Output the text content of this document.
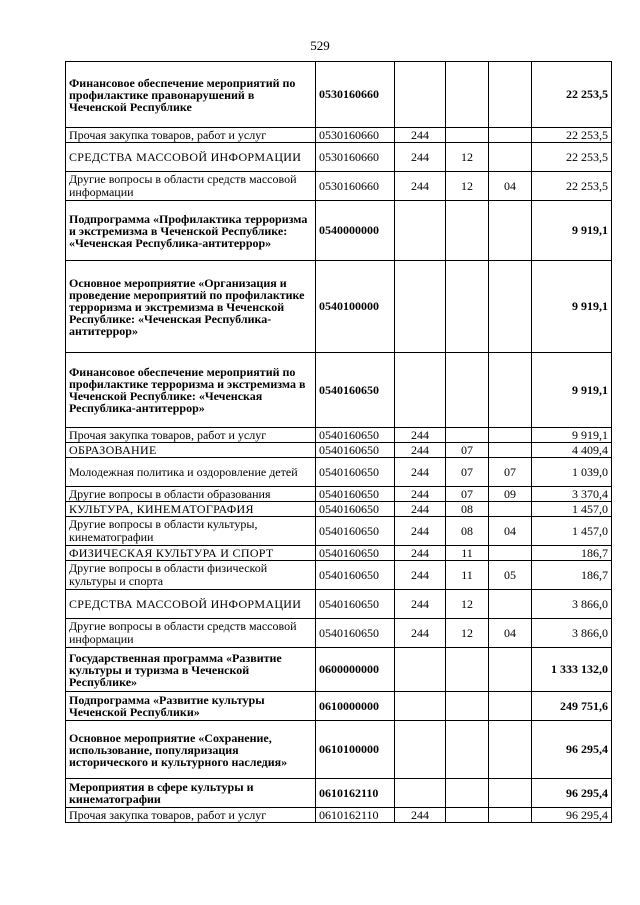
529
Финансовое обеспечение мероприятий по профилактике правонарушений в Чеченской Республике	0530160660				22 253,5
Прочая закупка товаров, работ и услуг	0530160660	244			22 253,5
СРЕДСТВА МАССОВОЙ ИНФОРМАЦИИ	0530160660	244	12		22 253,5
Другие вопросы в области средств массовой информации	0530160660	244	12	04	22 253,5
Подпрограмма «Профилактика терроризма и экстремизма в Чеченской Республике: «Чеченская Республика-антитеррор»	0540000000				9 919,1
Основное мероприятие «Организация и проведение мероприятий по профилактике терроризма и экстремизма в Чеченской Республике: «Чеченская Республика-антитеррор»	0540100000				9 919,1
Финансовое обеспечение мероприятий по профилактике терроризма и экстремизма в Чеченской Республике: «Чеченская Республика-антитеррор»	0540160650				9 919,1
Прочая закупка товаров, работ и услуг	0540160650	244			9 919,1
ОБРАЗОВАНИЕ	0540160650	244	07		4 409,4
Молодежная политика и оздоровление детей	0540160650	244	07	07	1 039,0
Другие вопросы в области образования	0540160650	244	07	09	3 370,4
КУЛЬТУРА, КИНЕМАТОГРАФИЯ	0540160650	244	08		1 457,0
Другие вопросы в области культуры, кинематографии	0540160650	244	08	04	1 457,0
ФИЗИЧЕСКАЯ КУЛЬТУРА И СПОРТ	0540160650	244	11		186,7
Другие вопросы в области физической культуры и спорта	0540160650	244	11	05	186,7
СРЕДСТВА МАССОВОЙ ИНФОРМАЦИИ	0540160650	244	12		3 866,0
Другие вопросы в области средств массовой информации	0540160650	244	12	04	3 866,0
Государственная программа «Развитие культуры и туризма в Чеченской Республике»	0600000000				1 333 132,0
Подпрограмма «Развитие культуры Чеченской Республики»	0610000000				249 751,6
Основное мероприятие «Сохранение, использование, популяризация исторического и культурного наследия»	0610100000				96 295,4
Мероприятия в сфере культуры и кинематографии	0610162110				96 295,4
Прочая закупка товаров, работ и услуг	0610162110	244			96 295,4
